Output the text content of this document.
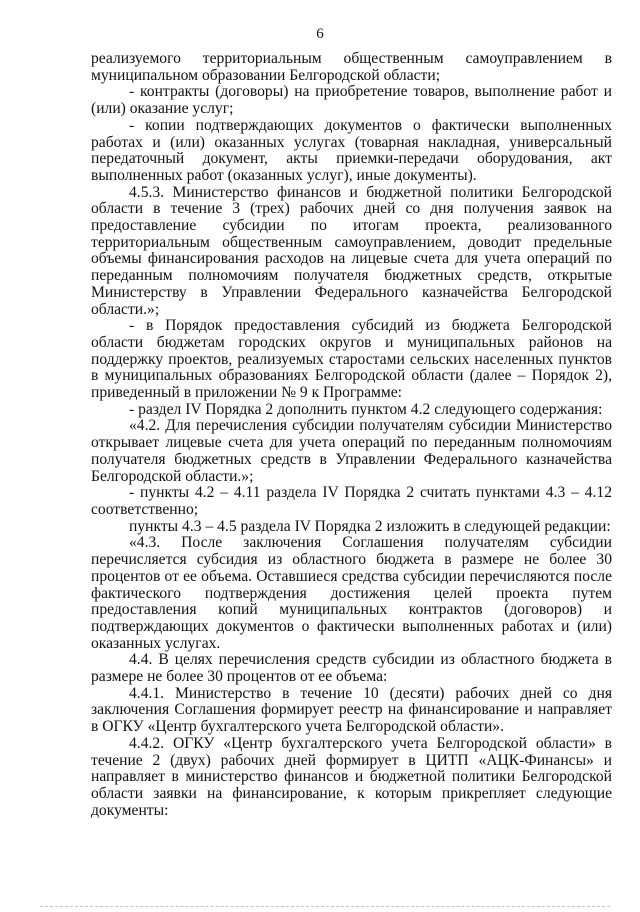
6

реализуемого территориальным общественным самоуправлением в муниципальном образовании Белгородской области;

- контракты (договоры) на приобретение товаров, выполнение работ и (или) оказание услуг;

- копии подтверждающих документов о фактически выполненных работах и (или) оказанных услугах (товарная накладная, универсальный передаточный документ, акты приемки-передачи оборудования, акт выполненных работ (оказанных услуг), иные документы).

4.5.3. Министерство финансов и бюджетной политики Белгородской области в течение 3 (трех) рабочих дней со дня получения заявок на предоставление субсидии по итогам проекта, реализованного территориальным общественным самоуправлением, доводит предельные объемы финансирования расходов на лицевые счета для учета операций по переданным полномочиям получателя бюджетных средств, открытые Министерству в Управлении Федерального казначейства Белгородской области.»;

- в Порядок предоставления субсидий из бюджета Белгородской области бюджетам городских округов и муниципальных районов на поддержку проектов, реализуемых старостами сельских населенных пунктов в муниципальных образованиях Белгородской области (далее – Порядок 2), приведенный в приложении № 9 к Программе:

- раздел IV Порядка 2 дополнить пунктом 4.2 следующего содержания:

«4.2. Для перечисления субсидии получателям субсидии Министерство открывает лицевые счета для учета операций по переданным полномочиям получателя бюджетных средств в Управлении Федерального казначейства Белгородской области.»;

- пункты 4.2 – 4.11 раздела IV Порядка 2 считать пунктами 4.3 – 4.12 соответственно;

пункты 4.3 – 4.5 раздела IV Порядка 2 изложить в следующей редакции:

«4.3. После заключения Соглашения получателям субсидии перечисляется субсидия из областного бюджета в размере не более 30 процентов от ее объема. Оставшиеся средства субсидии перечисляются после фактического подтверждения достижения целей проекта путем предоставления копий муниципальных контрактов (договоров) и подтверждающих документов о фактически выполненных работах и (или) оказанных услугах.

4.4. В целях перечисления средств субсидии из областного бюджета в размере не более 30 процентов от ее объема:

4.4.1. Министерство в течение 10 (десяти) рабочих дней со дня заключения Соглашения формирует реестр на финансирование и направляет в ОГКУ «Центр бухгалтерского учета Белгородской области».

4.4.2. ОГКУ «Центр бухгалтерского учета Белгородской области» в течение 2 (двух) рабочих дней формирует в ЦИТП «АЦК-Финансы» и направляет в министерство финансов и бюджетной политики Белгородской области заявки на финансирование, к которым прикрепляет следующие документы:
